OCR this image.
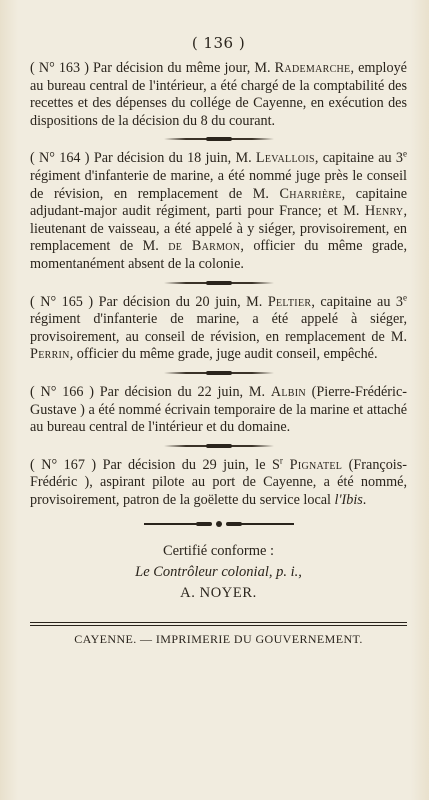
( 136 )

( N° 163 ) Par décision du même jour, M. Rademarche, employé au bureau central de l'intérieur, a été chargé de la comptabilité des recettes et des dépenses du collége de Cayenne, en exécution des dispositions de la décision du 8 du courant.

( N° 164 ) Par décision du 18 juin, M. Levallois, capitaine au 3e régiment d'infanterie de marine, a été nommé juge près le conseil de révision, en remplacement de M. Charrière, capitaine adjudant-major audit régiment, parti pour France; et M. Henry, lieutenant de vaisseau, a été appelé à y siéger, provisoirement, en remplacement de M. de Barmon, officier du même grade, momentanément absent de la colonie.

( N° 165 ) Par décision du 20 juin, M. Peltier, capitaine au 3e régiment d'infanterie de marine, a été appelé à siéger, provisoirement, au conseil de révision, en remplacement de M. Perrin, officier du même grade, juge audit conseil, empêché.

( N° 166 ) Par décision du 22 juin, M. Albin (Pierre-Frédéric-Gustave ) a été nommé écrivain temporaire de la marine et attaché au bureau central de l'intérieur et du domaine.

( N° 167 ) Par décision du 29 juin, le $S^r$ Pignatel (François-Frédéric ), aspirant pilote au port de Cayenne, a été nommé, provisoirement, patron de la goëlette du service local l'Ibis.

Certifié conforme :
Le Contrôleur colonial, p. i.,
A. NOYER.
CAYENNE. — IMPRIMERIE DU GOUVERNEMENT.
